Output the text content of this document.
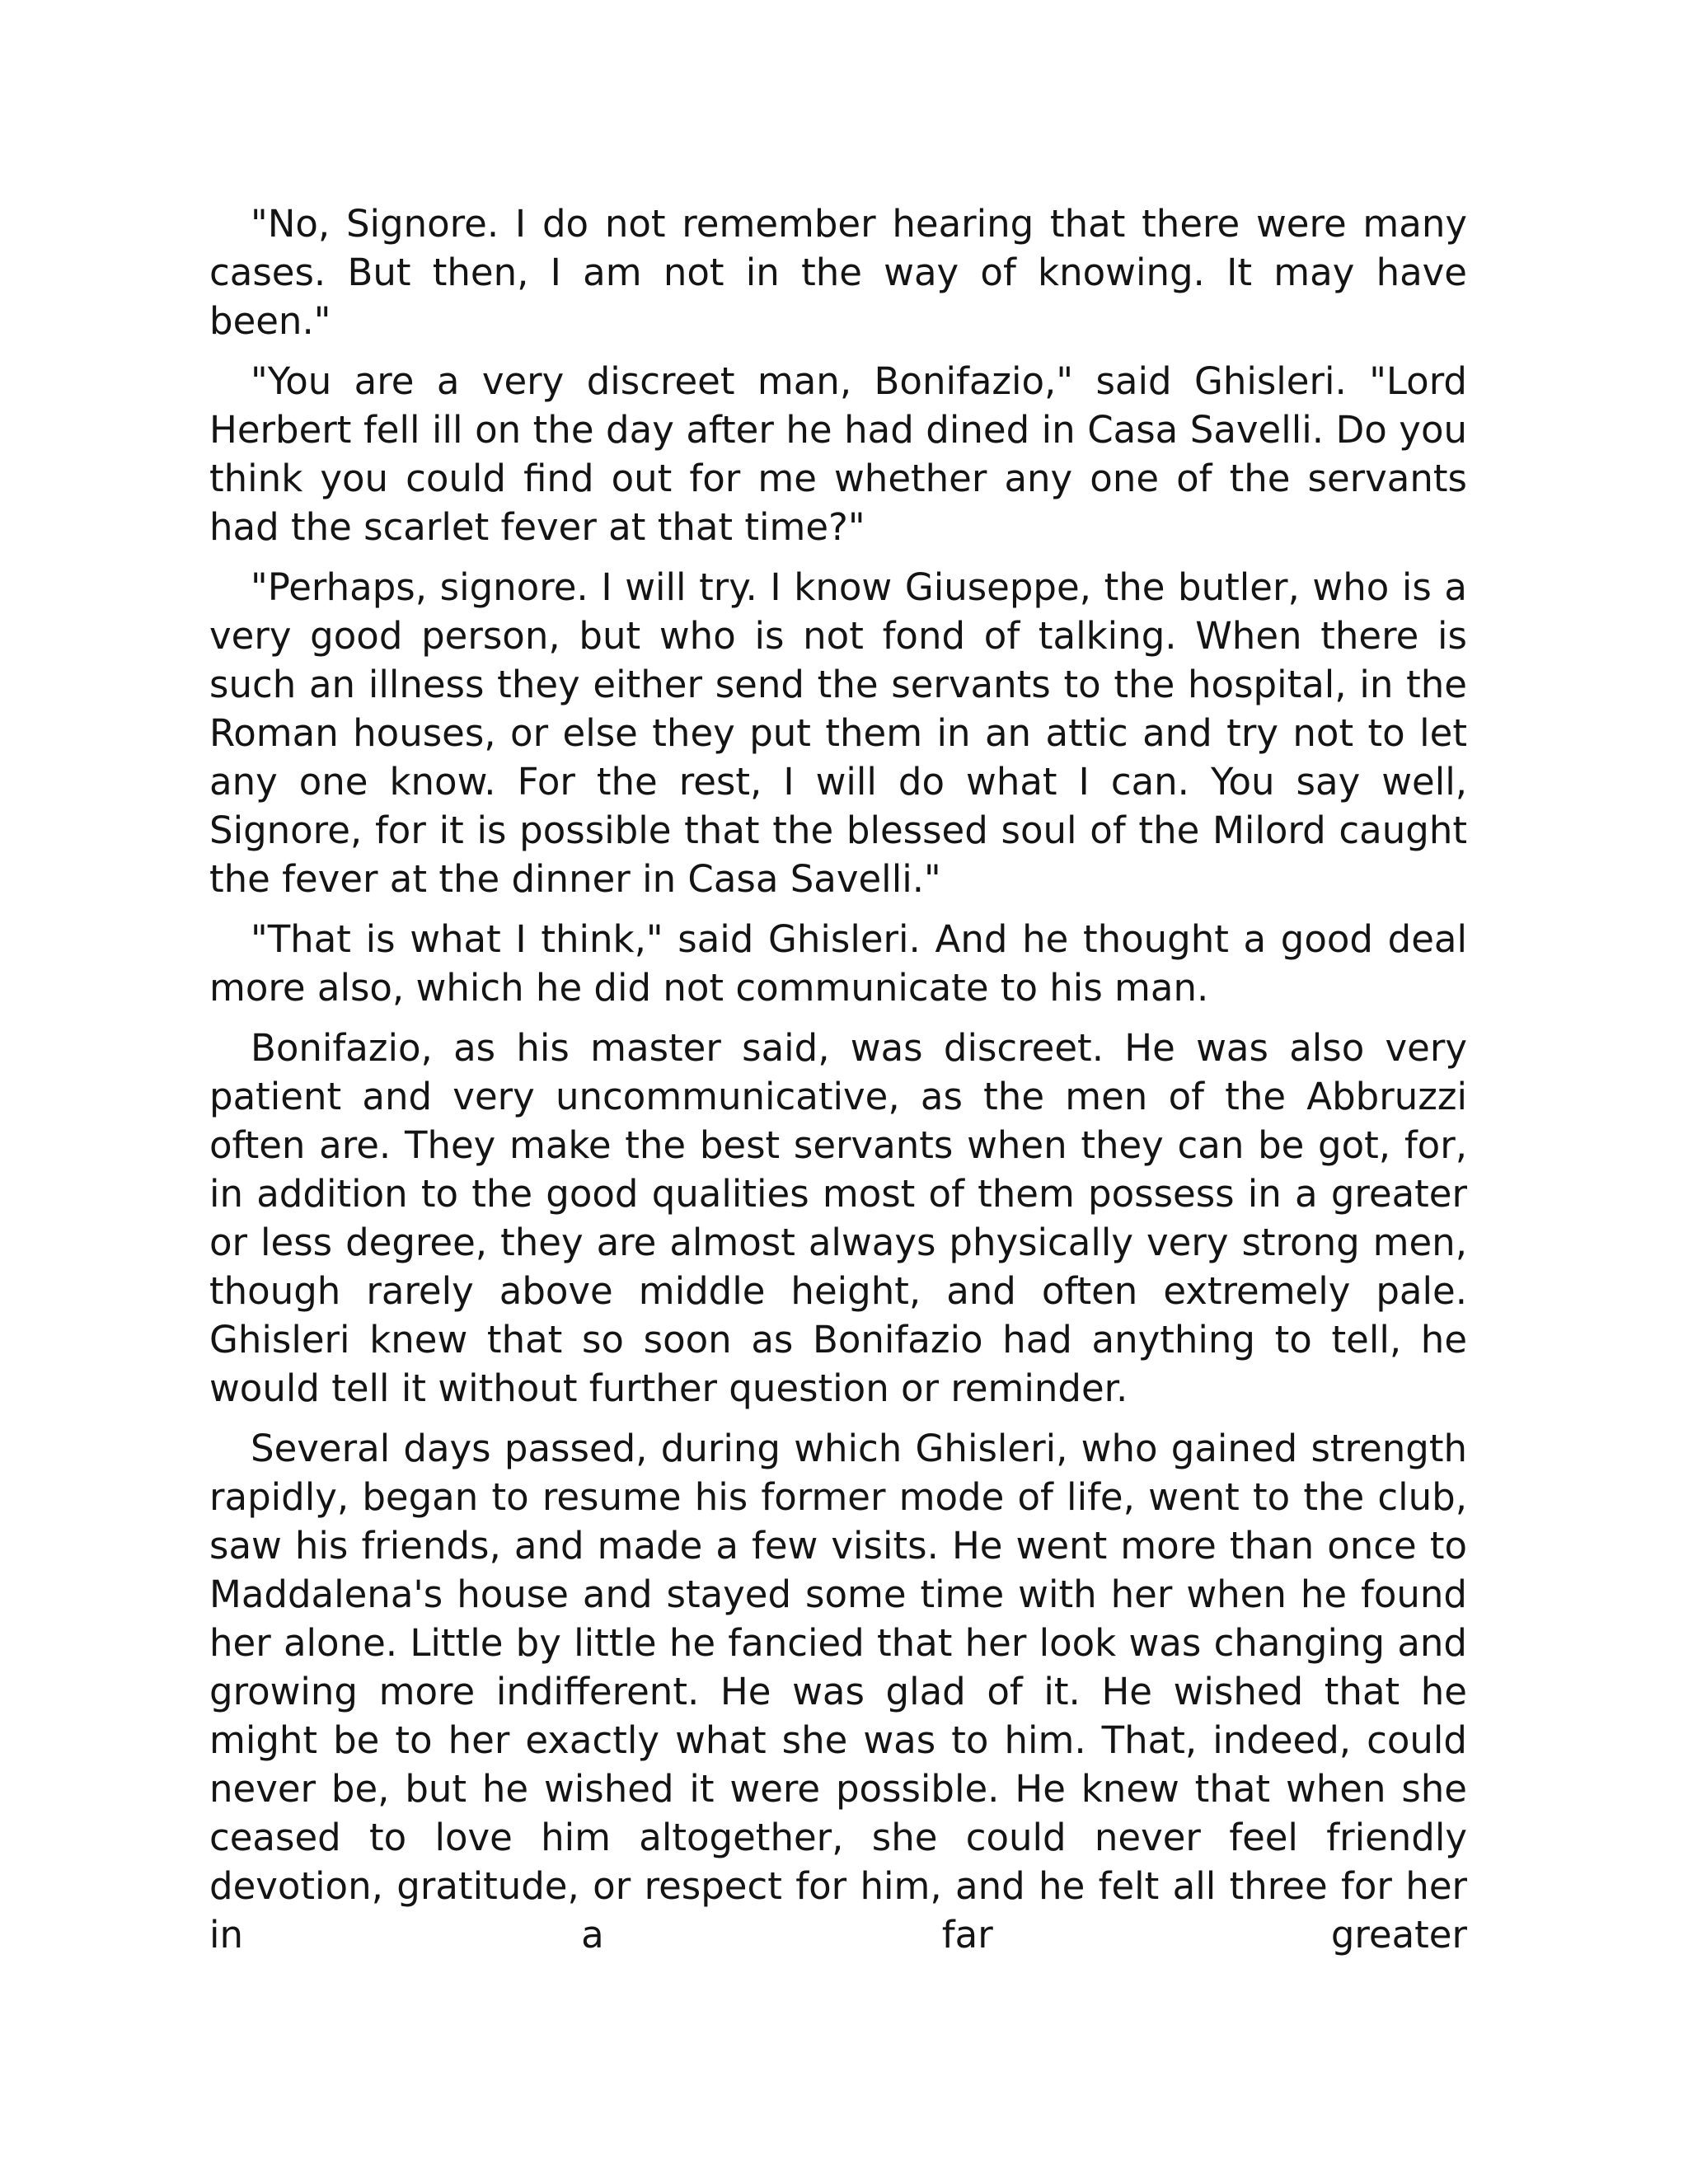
"No, Signore. I do not remember hearing that there were many cases. But then, I am not in the way of knowing. It may have been."

"You are a very discreet man, Bonifazio," said Ghisleri. "Lord Herbert fell ill on the day after he had dined in Casa Savelli. Do you think you could find out for me whether any one of the servants had the scarlet fever at that time?"

"Perhaps, signore. I will try. I know Giuseppe, the butler, who is a very good person, but who is not fond of talking. When there is such an illness they either send the servants to the hospital, in the Roman houses, or else they put them in an attic and try not to let any one know. For the rest, I will do what I can. You say well, Signore, for it is possible that the blessed soul of the Milord caught the fever at the dinner in Casa Savelli."

"That is what I think," said Ghisleri. And he thought a good deal more also, which he did not communicate to his man.

Bonifazio, as his master said, was discreet. He was also very patient and very uncommunicative, as the men of the Abbruzzi often are. They make the best servants when they can be got, for, in addition to the good qualities most of them possess in a greater or less degree, they are almost always physically very strong men, though rarely above middle height, and often extremely pale. Ghisleri knew that so soon as Bonifazio had anything to tell, he would tell it without further question or reminder.

Several days passed, during which Ghisleri, who gained strength rapidly, began to resume his former mode of life, went to the club, saw his friends, and made a few visits. He went more than once to Maddalena's house and stayed some time with her when he found her alone. Little by little he fancied that her look was changing and growing more indifferent. He was glad of it. He wished that he might be to her exactly what she was to him. That, indeed, could never be, but he wished it were possible. He knew that when she ceased to love him altogether, she could never feel friendly devotion, gratitude, or respect for him, and he felt all three for her in a far greater
